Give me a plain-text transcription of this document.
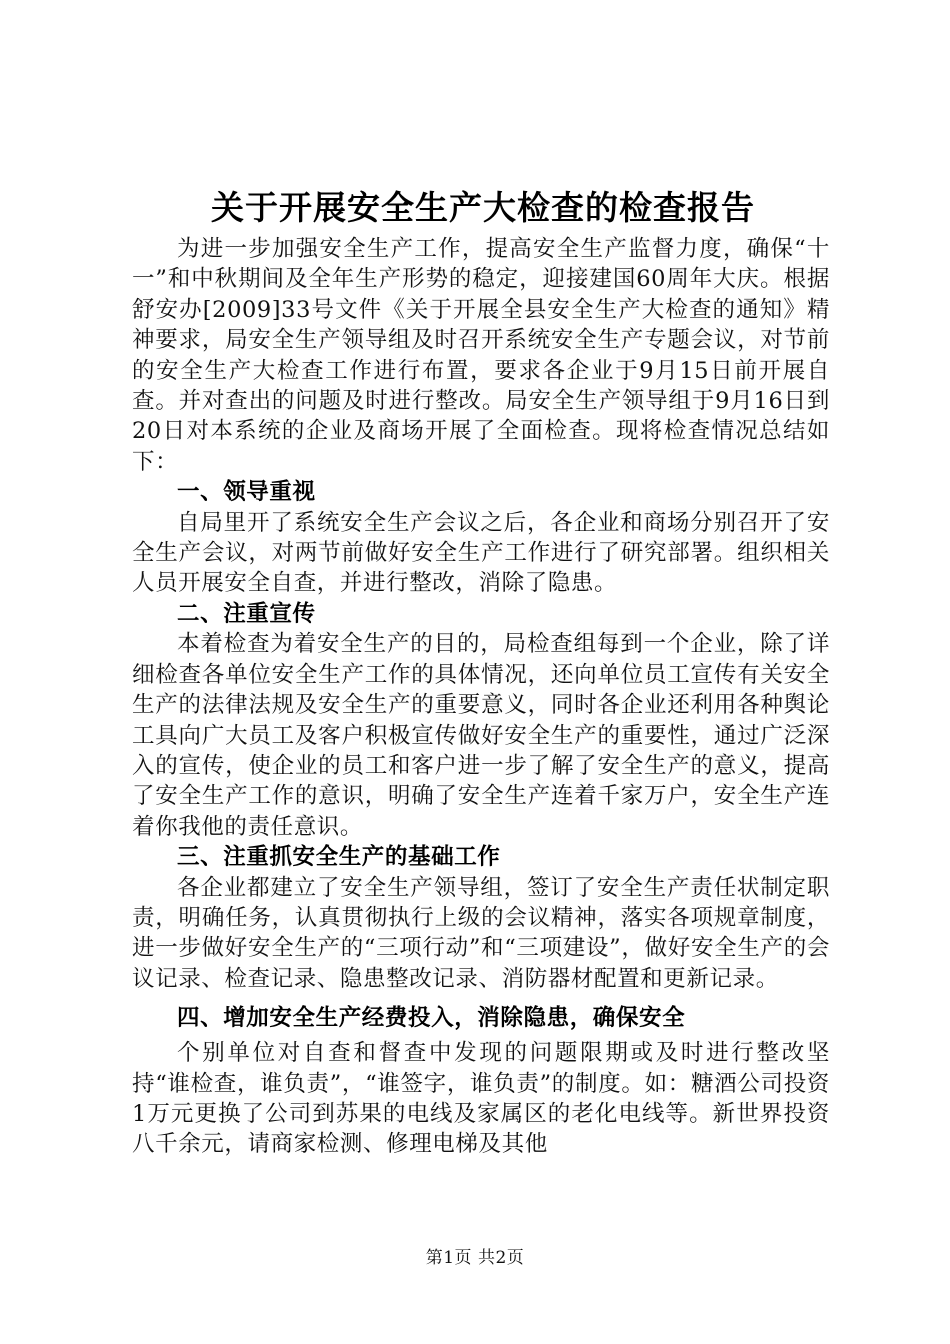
关于开展安全生产大检查的检查报告

为进一步加强安全生产工作，提高安全生产监督力度，确保“十一”和中秋期间及全年生产形势的稳定，迎接建国60周年大庆。根据舒安办[2009]33号文件《关于开展全县安全生产大检查的通知》精神要求，局安全生产领导组及时召开系统安全生产专题会议，对节前的安全生产大检查工作进行布置，要求各企业于9月15日前开展自查。并对查出的问题及时进行整改。局安全生产领导组于9月16日到20日对本系统的企业及商场开展了全面检查。现将检查情况总结如下：

一、领导重视

自局里开了系统安全生产会议之后，各企业和商场分别召开了安全生产会议，对两节前做好安全生产工作进行了研究部署。组织相关人员开展安全自查，并进行整改，消除了隐患。

二、注重宣传

本着检查为着安全生产的目的，局检查组每到一个企业，除了详细检查各单位安全生产工作的具体情况，还向单位员工宣传有关安全生产的法律法规及安全生产的重要意义，同时各企业还利用各种舆论工具向广大员工及客户积极宣传做好安全生产的重要性，通过广泛深入的宣传，使企业的员工和客户进一步了解了安全生产的意义，提高了安全生产工作的意识，明确了安全生产连着千家万户，安全生产连着你我他的责任意识。

三、注重抓安全生产的基础工作

各企业都建立了安全生产领导组，签订了安全生产责任状制定职责，明确任务，认真贯彻执行上级的会议精神，落实各项规章制度，进一步做好安全生产的“三项行动”和“三项建设”，做好安全生产的会议记录、检查记录、隐患整改记录、消防器材配置和更新记录。

四、增加安全生产经费投入，消除隐患，确保安全

个别单位对自查和督查中发现的问题限期或及时进行整改坚持“谁检查，谁负责”，“谁签字，谁负责”的制度。如：糖酒公司投资1万元更换了公司到苏果的电线及家属区的老化电线等。新世界投资八千余元，请商家检测、修理电梯及其他

第1页 共2页
